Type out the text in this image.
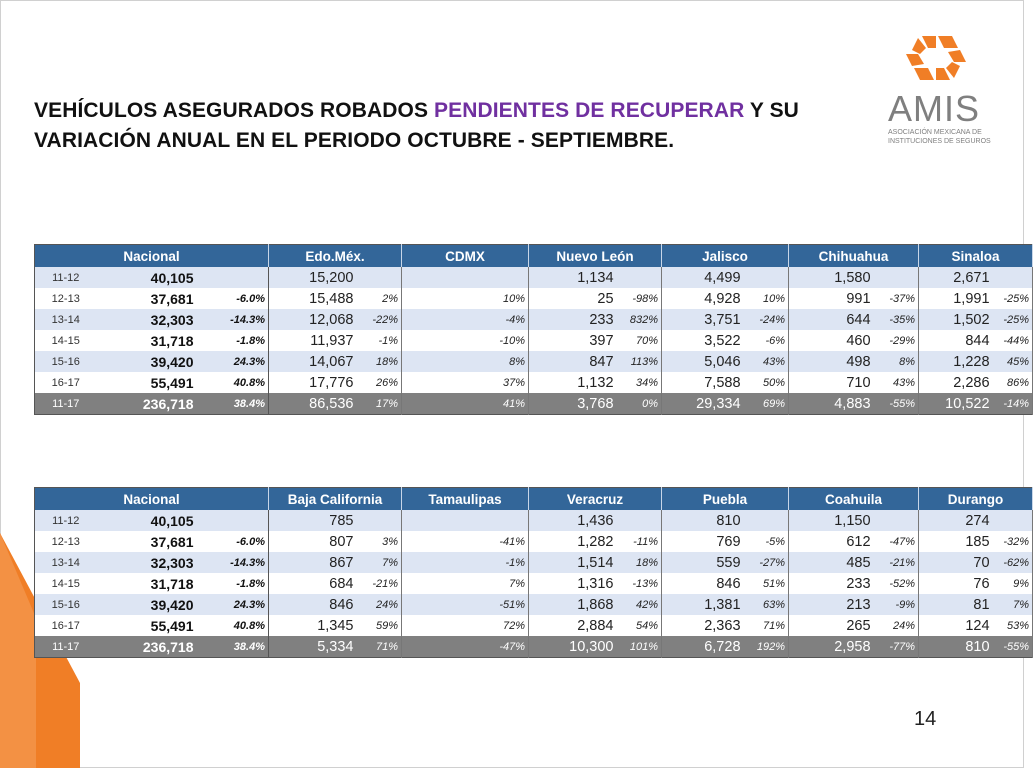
VEHÍCULOS ASEGURADOS ROBADOS PENDIENTES DE RECUPERAR Y SU VARIACIÓN ANUAL EN EL PERIODO OCTUBRE - SEPTIEMBRE.
AMIS
ASOCIACIÓN MEXICANA DE INSTITUCIONES DE SEGUROS
Nacional			Edo.Méx.		CDMX		Nuevo León		Jalisco		Chihuahua		Sinaloa	
11-12	40,105		15,200				1,134		4,499		1,580		2,671	
12-13	37,681	-6.0%	15,488	2%		10%	25	-98%	4,928	10%	991	-37%	1,991	-25%
13-14	32,303	-14.3%	12,068	-22%		-4%	233	832%	3,751	-24%	644	-35%	1,502	-25%
14-15	31,718	-1.8%	11,937	-1%		-10%	397	70%	3,522	-6%	460	-29%	844	-44%
15-16	39,420	24.3%	14,067	18%		8%	847	113%	5,046	43%	498	8%	1,228	45%
16-17	55,491	40.8%	17,776	26%		37%	1,132	34%	7,588	50%	710	43%	2,286	86%
11-17	236,718	38.4%	86,536	17%		41%	3,768	0%	29,334	69%	4,883	-55%	10,522	-14%
Nacional			Baja California		Tamaulipas		Veracruz		Puebla		Coahuila		Durango	
11-12	40,105		785				1,436		810		1,150		274	
12-13	37,681	-6.0%	807	3%		-41%	1,282	-11%	769	-5%	612	-47%	185	-32%
13-14	32,303	-14.3%	867	7%		-1%	1,514	18%	559	-27%	485	-21%	70	-62%
14-15	31,718	-1.8%	684	-21%		7%	1,316	-13%	846	51%	233	-52%	76	9%
15-16	39,420	24.3%	846	24%		-51%	1,868	42%	1,381	63%	213	-9%	81	7%
16-17	55,491	40.8%	1,345	59%		72%	2,884	54%	2,363	71%	265	24%	124	53%
11-17	236,718	38.4%	5,334	71%		-47%	10,300	101%	6,728	192%	2,958	-77%	810	-55%
14
